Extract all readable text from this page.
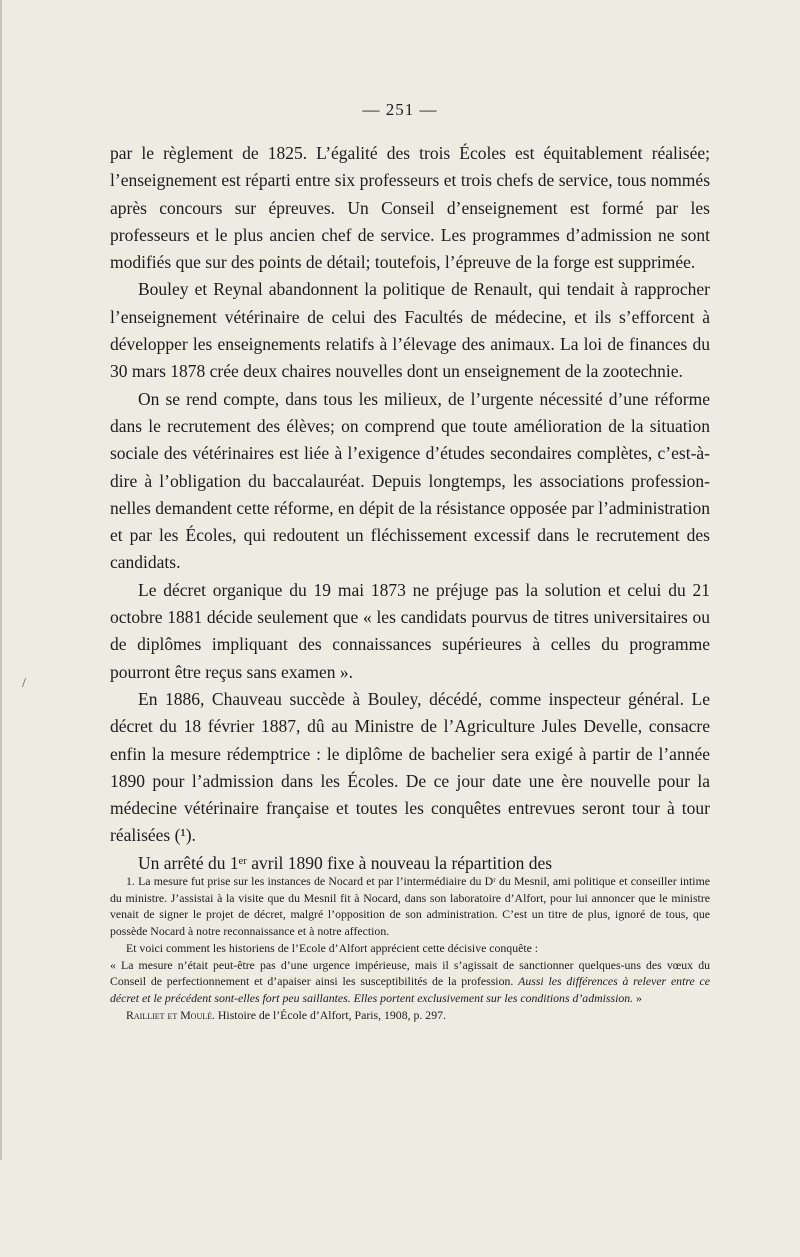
— 251 —
/

par le règlement de 1825. L’égalité des trois Écoles est équitablement réalisée; l’enseignement est réparti entre six professeurs et trois chefs de service, tous nommés après concours sur épreuves. Un Conseil d’enseignement est formé par les professeurs et le plus ancien chef de service. Les programmes d’admission ne sont modifiés que sur des points de détail; toutefois, l’épreuve de la forge est supprimée.

Bouley et Reynal abandonnent la politique de Renault, qui tendait à rapprocher l’enseignement vétérinaire de celui des Facultés de médecine, et ils s’efforcent à développer les enseignements relatifs à l’élevage des animaux. La loi de finances du 30 mars 1878 crée deux chaires nouvelles dont un enseignement de la zootechnie.

On se rend compte, dans tous les milieux, de l’urgente nécessité d’une réforme dans le recrutement des élèves; on comprend que toute amélioration de la situation sociale des vétérinaires est liée à l’exigence d’études secondaires complètes, c’est-à-dire à l’obligation du baccalauréat. Depuis longtemps, les associations professionnelles demandent cette réforme, en dépit de la résistance opposée par l’administration et par les Écoles, qui redoutent un fléchissement excessif dans le recrutement des candidats.

Le décret organique du 19 mai 1873 ne préjuge pas la solution et celui du 21 octobre 1881 décide seulement que « les candidats pourvus de titres universitaires ou de diplômes impliquant des connaissances supérieures à celles du programme pourront être reçus sans examen ».

En 1886, Chauveau succède à Bouley, décédé, comme inspecteur général. Le décret du 18 février 1887, dû au Ministre de l’Agriculture Jules Develle, consacre enfin la mesure rédemptrice : le diplôme de bachelier sera exigé à partir de l’année 1890 pour l’admission dans les Écoles. De ce jour date une ère nouvelle pour la médecine vétérinaire française et toutes les conquêtes entrevues seront tour à tour réalisées (¹).

Un arrêté du 1ᵉʳ avril 1890 fixe à nouveau la répartition des

1. La mesure fut prise sur les instances de Nocard et par l’intermédiaire du Dʳ du Mesnil, ami politique et conseiller intime du ministre. J’assistai à la visite que du Mesnil fit à Nocard, dans son laboratoire d’Alfort, pour lui annoncer que le ministre venait de signer le projet de décret, malgré l’opposition de son administration. C’est un titre de plus, ignoré de tous, que possède Nocard à notre reconnaissance et à notre affection.

Et voici comment les historiens de l’Ecole d’Alfort apprécient cette décisive conquête :

« La mesure n’était peut-être pas d’une urgence impérieuse, mais il s’agissait de sanctionner quelques-uns des vœux du Conseil de perfectionnement et d’apaiser ainsi les susceptibilités de la profession. Aussi les différences à relever entre ce décret et le précédent sont-elles fort peu saillantes. Elles portent exclusivement sur les conditions d’admission. »

Railliet et Moulé. Histoire de l’École d’Alfort, Paris, 1908, p. 297.
